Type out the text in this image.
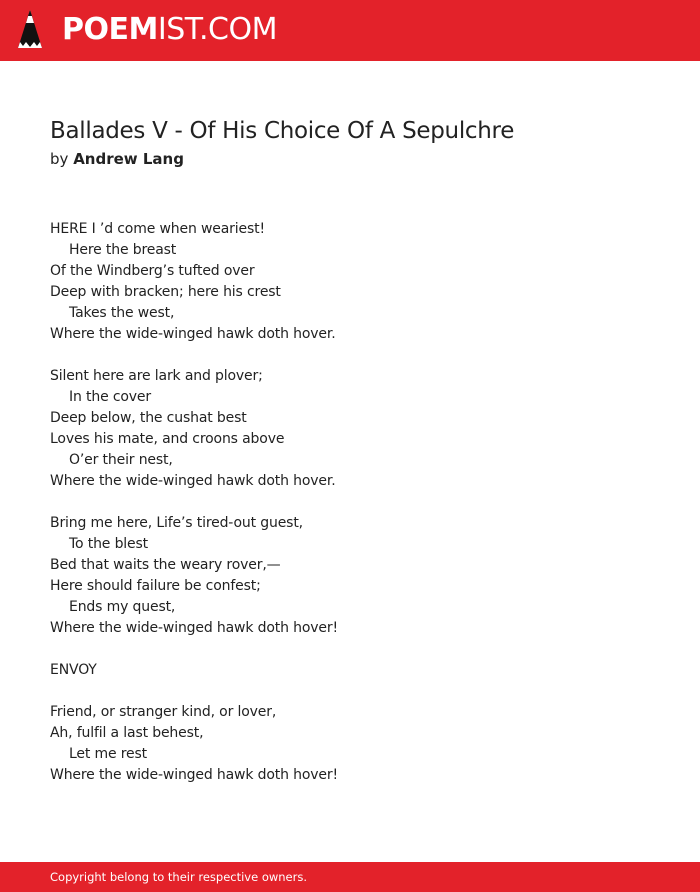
POEMIST.COM
Ballades V - Of His Choice Of A Sepulchre
by Andrew Lang
HERE I ’d come when weariest!
Here the breast
Of the Windberg’s tufted over
Deep with bracken; here his crest
Takes the west,
Where the wide-winged hawk doth hover.
Silent here are lark and plover;
In the cover
Deep below, the cushat best
Loves his mate, and croons above
O’er their nest,
Where the wide-winged hawk doth hover.
Bring me here, Life’s tired-out guest,
To the blest
Bed that waits the weary rover,—
Here should failure be confest;
Ends my quest,
Where the wide-winged hawk doth hover!
ENVOY
Friend, or stranger kind, or lover,
Ah, fulfil a last behest,
Let me rest
Where the wide-winged hawk doth hover!
Copyright belong to their respective owners.
